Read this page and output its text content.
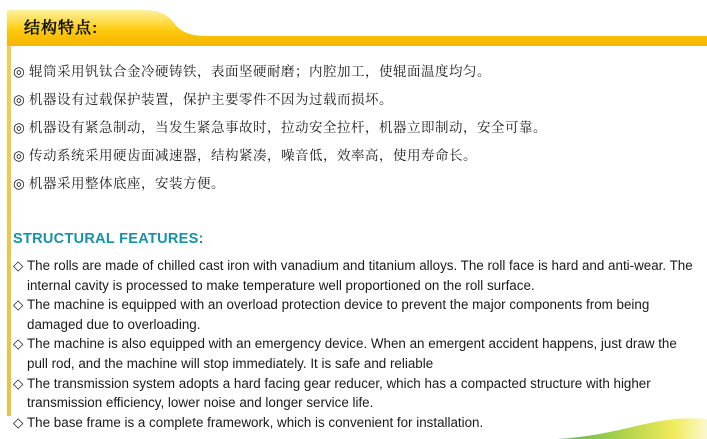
结构特点:
◎ 辊筒采用钒钛合金冷硬铸铁，表面坚硬耐磨；内腔加工，使辊面温度均匀。
◎ 机器设有过载保护装置，保护主要零件不因为过载而损坏。
◎ 机器设有紧急制动，当发生紧急事故时，拉动安全拉杆，机器立即制动，安全可靠。
◎ 传动系统采用硬齿面减速器，结构紧凑，噪音低，效率高，使用寿命长。
◎ 机器采用整体底座，安装方便。
STRUCTURAL FEATURES:
◇ The rolls are made of chilled cast iron with vanadium and titanium alloys. The roll face is hard and anti-wear. The internal cavity is processed to make temperature well proportioned on the roll surface.
◇ The machine is equipped with an overload protection device to prevent the major components from being damaged due to overloading.
◇ The machine is also equipped with an emergency device. When an emergent accident happens, just draw the pull rod, and the machine will stop immediately. It is safe and reliable
◇ The transmission system adopts a hard facing gear reducer, which has a compacted structure with higher transmission efficiency, lower noise and longer service life.
◇ The base frame is a complete framework, which is convenient for installation.
